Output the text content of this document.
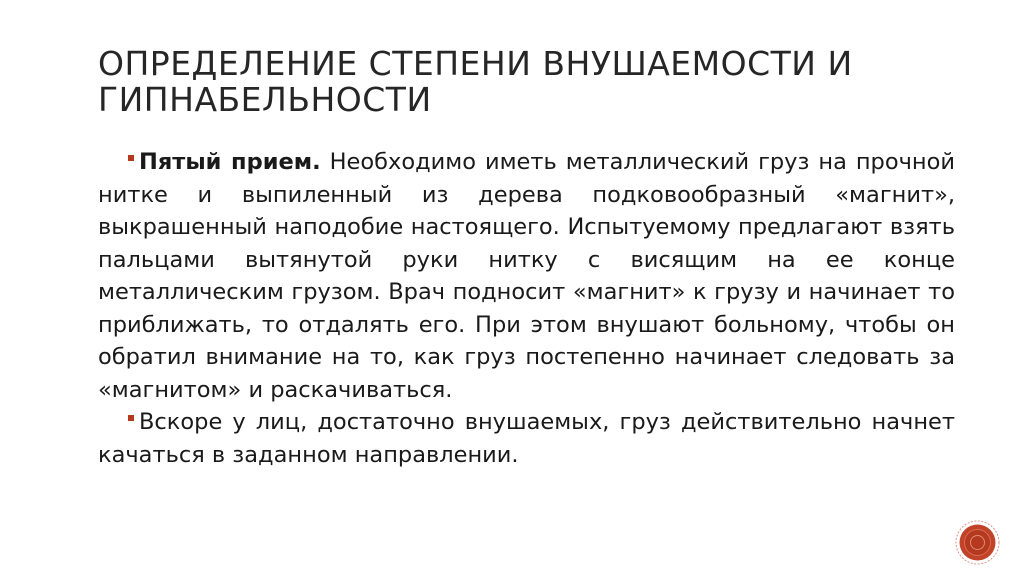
ОПРЕДЕЛЕНИЕ СТЕПЕНИ ВНУШАЕМОСТИ И ГИПНАБЕЛЬНОСТИ

Пятый прием. Необходимо иметь металлический груз на прочной нитке и выпиленный из дерева подковообразный «магнит», выкрашенный наподобие настоящего. Испытуемому предлагают взять пальцами вытянутой руки нитку с висящим на ее конце металлическим грузом. Врач подносит «магнит» к грузу и начинает то приближать, то отдалять его. При этом внушают больному, чтобы он обратил внимание на то, как груз постепенно начинает следовать за «магнитом» и раскачиваться.

Вскоре у лиц, достаточно внушаемых, груз действительно начнет качаться в заданном направлении.
